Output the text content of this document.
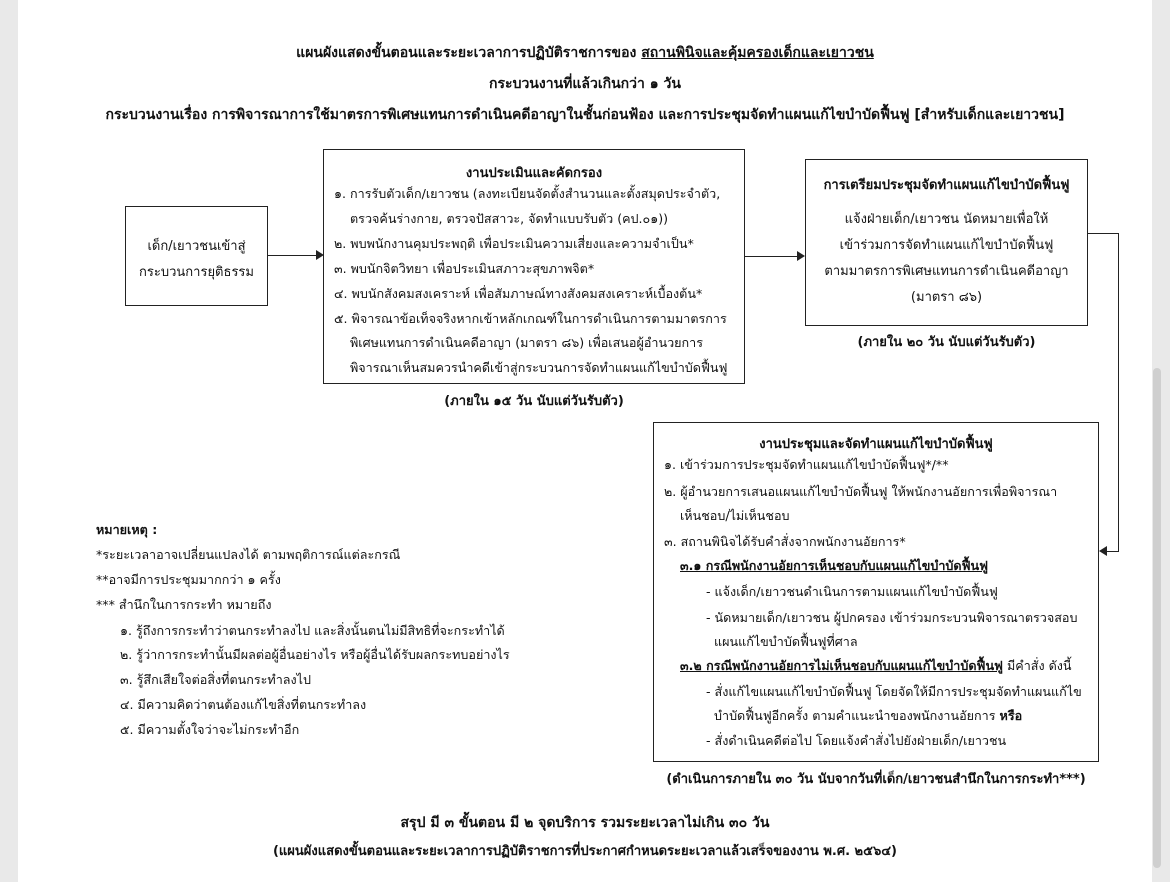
แผนผังแสดงขั้นตอนและระยะเวลาการปฏิบัติราชการของ สถานพินิจและคุ้มครองเด็กและเยาวชน
กระบวนงานที่แล้วเกินกว่า ๑ วัน
กระบวนงานเรื่อง การพิจารณาการใช้มาตรการพิเศษแทนการดำเนินคดีอาญาในชั้นก่อนฟ้อง และการประชุมจัดทำแผนแก้ไขบำบัดฟื้นฟู [สำหรับเด็กและเยาวชน]
เด็ก/เยาวชนเข้าสู่
กระบวนการยุติธรรม
งานประเมินและคัดกรอง
๑. การรับตัวเด็ก/เยาวชน (ลงทะเบียนจัดตั้งสำนวนและตั้งสมุดประจำตัว,
ตรวจค้นร่างกาย, ตรวจปัสสาวะ, จัดทำแบบรับตัว (คป.๐๑))
๒. พบพนักงานคุมประพฤติ เพื่อประเมินความเสี่ยงและความจำเป็น*
๓. พบนักจิตวิทยา เพื่อประเมินสภาวะสุขภาพจิต*
๔. พบนักสังคมสงเคราะห์ เพื่อสัมภาษณ์ทางสังคมสงเคราะห์เบื้องต้น*
๕. พิจารณาข้อเท็จจริงหากเข้าหลักเกณฑ์ในการดำเนินการตามมาตรการ
พิเศษแทนการดำเนินคดีอาญา (มาตรา ๘๖) เพื่อเสนอผู้อำนวยการ
พิจารณาเห็นสมควรนำคดีเข้าสู่กระบวนการจัดทำแผนแก้ไขบำบัดฟื้นฟู
(ภายใน ๑๕ วัน นับแต่วันรับตัว)
การเตรียมประชุมจัดทำแผนแก้ไขบำบัดฟื้นฟู
แจ้งฝ่ายเด็ก/เยาวชน นัดหมายเพื่อให้
เข้าร่วมการจัดทำแผนแก้ไขบำบัดฟื้นฟู
ตามมาตรการพิเศษแทนการดำเนินคดีอาญา
(มาตรา ๘๖)
(ภายใน ๒๐ วัน นับแต่วันรับตัว)
งานประชุมและจัดทำแผนแก้ไขบำบัดฟื้นฟู
๑. เข้าร่วมการประชุมจัดทำแผนแก้ไขบำบัดฟื้นฟู*/**
๒. ผู้อำนวยการเสนอแผนแก้ไขบำบัดฟื้นฟู ให้พนักงานอัยการเพื่อพิจารณา
เห็นชอบ/ไม่เห็นชอบ
๓. สถานพินิจได้รับคำสั่งจากพนักงานอัยการ*
๓.๑ กรณีพนักงานอัยการเห็นชอบกับแผนแก้ไขบำบัดฟื้นฟู
- แจ้งเด็ก/เยาวชนดำเนินการตามแผนแก้ไขบำบัดฟื้นฟู
- นัดหมายเด็ก/เยาวชน ผู้ปกครอง เข้าร่วมกระบวนพิจารณาตรวจสอบ
แผนแก้ไขบำบัดฟื้นฟูที่ศาล
๓.๒ กรณีพนักงานอัยการไม่เห็นชอบกับแผนแก้ไขบำบัดฟื้นฟู มีคำสั่ง ดังนี้
- สั่งแก้ไขแผนแก้ไขบำบัดฟื้นฟู โดยจัดให้มีการประชุมจัดทำแผนแก้ไข
บำบัดฟื้นฟูอีกครั้ง ตามคำแนะนำของพนักงานอัยการ หรือ
- สั่งดำเนินคดีต่อไป โดยแจ้งคำสั่งไปยังฝ่ายเด็ก/เยาวชน
(ดำเนินการภายใน ๓๐ วัน นับจากวันที่เด็ก/เยาวชนสำนึกในการกระทำ***)
หมายเหตุ :
*ระยะเวลาอาจเปลี่ยนแปลงได้ ตามพฤติการณ์แต่ละกรณี
**อาจมีการประชุมมากกว่า ๑ ครั้ง
*** สำนึกในการกระทำ หมายถึง
๑. รู้ถึงการกระทำว่าตนกระทำลงไป และสิ่งนั้นตนไม่มีสิทธิที่จะกระทำได้
๒. รู้ว่าการกระทำนั้นมีผลต่อผู้อื่นอย่างไร หรือผู้อื่นได้รับผลกระทบอย่างไร
๓. รู้สึกเสียใจต่อสิ่งที่ตนกระทำลงไป
๔. มีความคิดว่าตนต้องแก้ไขสิ่งที่ตนกระทำลง
๕. มีความตั้งใจว่าจะไม่กระทำอีก
สรุป มี ๓ ขั้นตอน มี ๒ จุดบริการ รวมระยะเวลาไม่เกิน ๓๐ วัน
(แผนผังแสดงขั้นตอนและระยะเวลาการปฏิบัติราชการที่ประกาศกำหนดระยะเวลาแล้วเสร็จของงาน พ.ศ. ๒๕๖๔)
